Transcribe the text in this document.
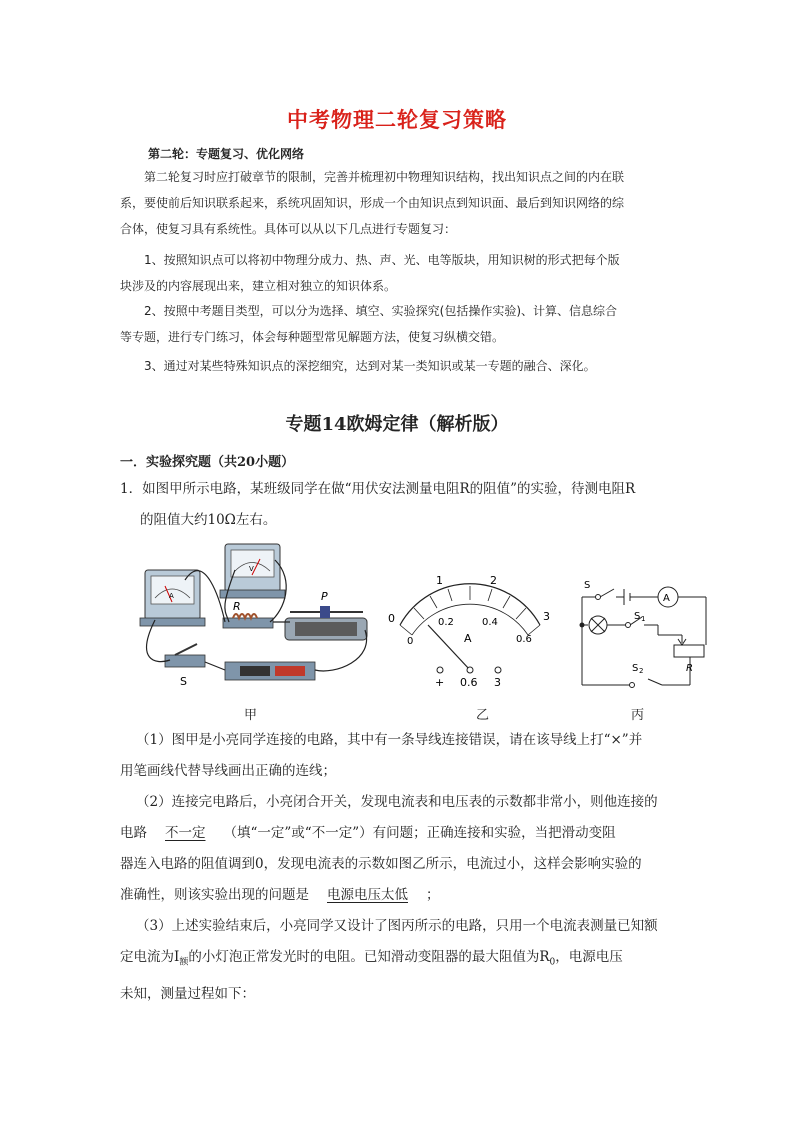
中考物理二轮复习策略
第二轮：专题复习、优化网络
第二轮复习时应打破章节的限制，完善并梳理初中物理知识结构，找出知识点之间的内在联
系，要使前后知识联系起来，系统巩固知识，形成一个由知识点到知识面、最后到知识网络的综
合体，使复习具有系统性。具体可以从以下几点进行专题复习：
1、按照知识点可以将初中物理分成力、热、声、光、电等版块，用知识树的形式把每个版
块涉及的内容展现出来，建立相对独立的知识体系。
2、按照中考题目类型，可以分为选择、填空、实验探究(包括操作实验)、计算、信息综合
等专题，进行专门练习，体会每种题型常见解题方法，使复习纵横交错。
3、通过对某些特殊知识点的深挖细究，达到对某一类知识或某一专题的融合、深化。
专题14欧姆定律（解析版）
一．实验探究题（共20小题）
1．如图甲所示电路，某班级同学在做“用伏安法测量电阻R的阻值”的实验，待测电阻R
的阻值大约10Ω左右。
A
V
R
P
S
0
1	2
3
0.2	0.4
0.6
0	A
+ 0.6 3
S
S 1
S 2
A
R
甲	乙	丙
（1）图甲是小亮同学连接的电路，其中有一条导线连接错误，请在该导线上打“×”并
用笔画线代替导线画出正确的连线；
（2）连接完电路后，小亮闭合开关，发现电流表和电压表的示数都非常小，则他连接的
电路 不一定 （填“一定”或“不一定”）有问题；正确连接和实验，当把滑动变阻
器连入电路的阻值调到0，发现电流表的示数如图乙所示，电流过小，这样会影响实验的
准确性，则该实验出现的问题是 电源电压太低 ；
（3）上述实验结束后，小亮同学又设计了图丙所示的电路，只用一个电流表测量已知额
定电流为$I_额$的小灯泡正常发光时的电阻。已知滑动变阻器的最大阻值为$R_0$，电源电压
未知，测量过程如下：
